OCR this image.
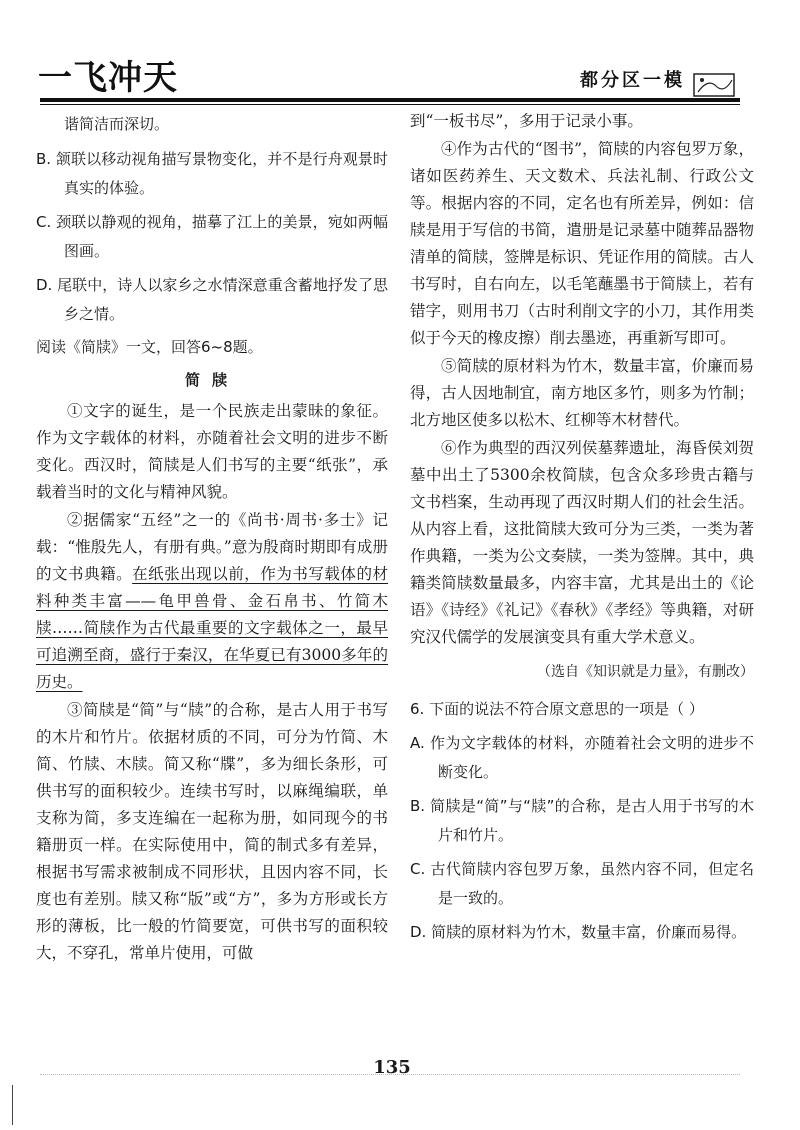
一飞冲天	都分区一模

谐简洁而深切。

B. 颔联以移动视角描写景物变化，并不是行舟观景时真实的体验。

C. 颈联以静观的视角，描摹了江上的美景，宛如两幅图画。

D. 尾联中，诗人以家乡之水情深意重含蓄地抒发了思乡之情。

阅读《简牍》一文，回答6~8题。

简牍

①文字的诞生，是一个民族走出蒙昧的象征。作为文字载体的材料，亦随着社会文明的进步不断变化。西汉时，简牍是人们书写的主要“纸张”，承载着当时的文化与精神风貌。

②据儒家“五经”之一的《尚书·周书·多士》记载：“惟殷先人，有册有典。”意为殷商时期即有成册的文书典籍。在纸张出现以前，作为书写载体的材料种类丰富——龟甲兽骨、金石帛书、竹简木牍……简牍作为古代最重要的文字载体之一，最早可追溯至商，盛行于秦汉，在华夏已有3000多年的历史。

③简牍是“简”与“牍”的合称，是古人用于书写的木片和竹片。依据材质的不同，可分为竹简、木简、竹牍、木牍。简又称“牒”，多为细长条形，可供书写的面积较少。连续书写时，以麻绳编联，单支称为简，多支连编在一起称为册，如同现今的书籍册页一样。在实际使用中，简的制式多有差异，根据书写需求被制成不同形状，且因内容不同，长度也有差别。牍又称“版”或“方”，多为方形或长方形的薄板，比一般的竹简要宽，可供书写的面积较大，不穿孔，常单片使用，可做

到“一板书尽”，多用于记录小事。

④作为古代的“图书”，简牍的内容包罗万象，诸如医药养生、天文数术、兵法礼制、行政公文等。根据内容的不同，定名也有所差异，例如：信牍是用于写信的书简，遣册是记录墓中随葬品器物清单的简牍，签牌是标识、凭证作用的简牍。古人书写时，自右向左，以毛笔蘸墨书于简牍上，若有错字，则用书刀（古时利削文字的小刀，其作用类似于今天的橡皮擦）削去墨迹，再重新写即可。

⑤简牍的原材料为竹木，数量丰富，价廉而易得，古人因地制宜，南方地区多竹，则多为竹制；北方地区使多以松木、红柳等木材替代。

⑥作为典型的西汉列侯墓葬遗址，海昏侯刘贺墓中出土了5300余枚简牍，包含众多珍贵古籍与文书档案，生动再现了西汉时期人们的社会生活。从内容上看，这批简牍大致可分为三类，一类为著作典籍，一类为公文奏牍，一类为签牌。其中，典籍类简牍数量最多，内容丰富，尤其是出土的《论语》《诗经》《礼记》《春秋》《孝经》等典籍，对研究汉代儒学的发展演变具有重大学术意义。

（选自《知识就是力量》，有删改）
6. 下面的说法不符合原文意思的一项是（ ）

A. 作为文字载体的材料，亦随着社会文明的进步不断变化。

B. 简牍是“简”与“牍”的合称，是古人用于书写的木片和竹片。

C. 古代简牍内容包罗万象，虽然内容不同，但定名是一致的。

D. 简牍的原材料为竹木，数量丰富，价廉而易得。

135
